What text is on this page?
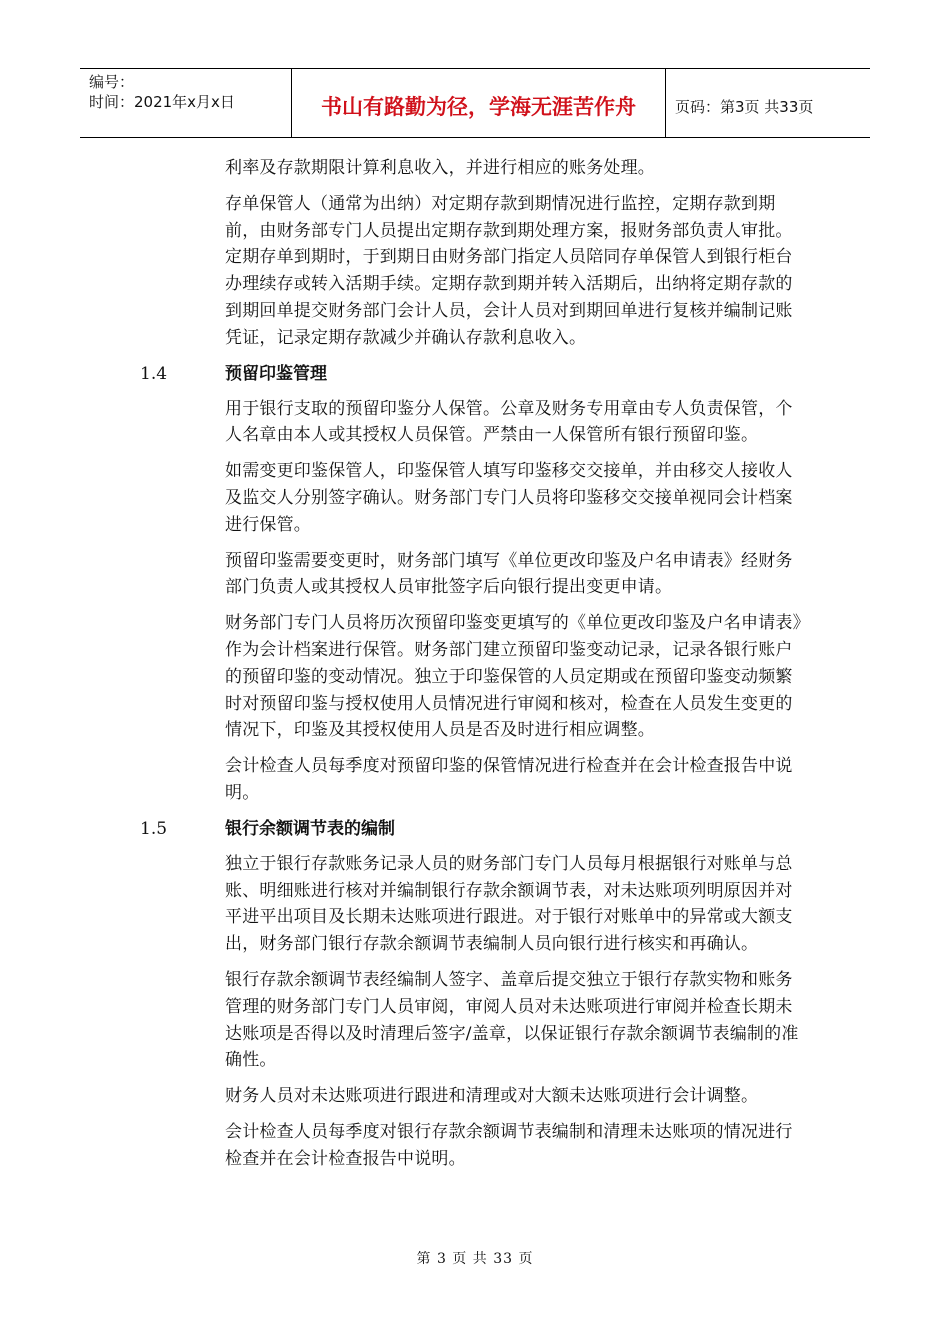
编号：
时间：2021年x月x日	书山有路勤为径，学海无涯苦作舟	页码：第3页 共33页

利率及存款期限计算利息收入，并进行相应的账务处理。

存单保管人（通常为出纳）对定期存款到期情况进行监控，定期存款到期前，由财务部专门人员提出定期存款到期处理方案，报财务部负责人审批。定期存单到期时，于到期日由财务部门指定人员陪同存单保管人到银行柜台办理续存或转入活期手续。定期存款到期并转入活期后，出纳将定期存款的到期回单提交财务部门会计人员，会计人员对到期回单进行复核并编制记账凭证，记录定期存款减少并确认存款利息收入。

1.4	预留印鉴管理

用于银行支取的预留印鉴分人保管。公章及财务专用章由专人负责保管，个人名章由本人或其授权人员保管。严禁由一人保管所有银行预留印鉴。

如需变更印鉴保管人，印鉴保管人填写印鉴移交交接单，并由移交人接收人及监交人分别签字确认。财务部门专门人员将印鉴移交交接单视同会计档案进行保管。

预留印鉴需要变更时，财务部门填写《单位更改印鉴及户名申请表》经财务部门负责人或其授权人员审批签字后向银行提出变更申请。

财务部门专门人员将历次预留印鉴变更填写的《单位更改印鉴及户名申请表》作为会计档案进行保管。财务部门建立预留印鉴变动记录，记录各银行账户的预留印鉴的变动情况。独立于印鉴保管的人员定期或在预留印鉴变动频繁时对预留印鉴与授权使用人员情况进行审阅和核对，检查在人员发生变更的情况下，印鉴及其授权使用人员是否及时进行相应调整。

会计检查人员每季度对预留印鉴的保管情况进行检查并在会计检查报告中说明。

1.5	银行余额调节表的编制

独立于银行存款账务记录人员的财务部门专门人员每月根据银行对账单与总账、明细账进行核对并编制银行存款余额调节表，对未达账项列明原因并对平进平出项目及长期未达账项进行跟进。对于银行对账单中的异常或大额支出，财务部门银行存款余额调节表编制人员向银行进行核实和再确认。

银行存款余额调节表经编制人签字、盖章后提交独立于银行存款实物和账务管理的财务部门专门人员审阅，审阅人员对未达账项进行审阅并检查长期未达账项是否得以及时清理后签字/盖章，以保证银行存款余额调节表编制的准确性。

财务人员对未达账项进行跟进和清理或对大额未达账项进行会计调整。

会计检查人员每季度对银行存款余额调节表编制和清理未达账项的情况进行检查并在会计检查报告中说明。

第 3 页 共 33 页
